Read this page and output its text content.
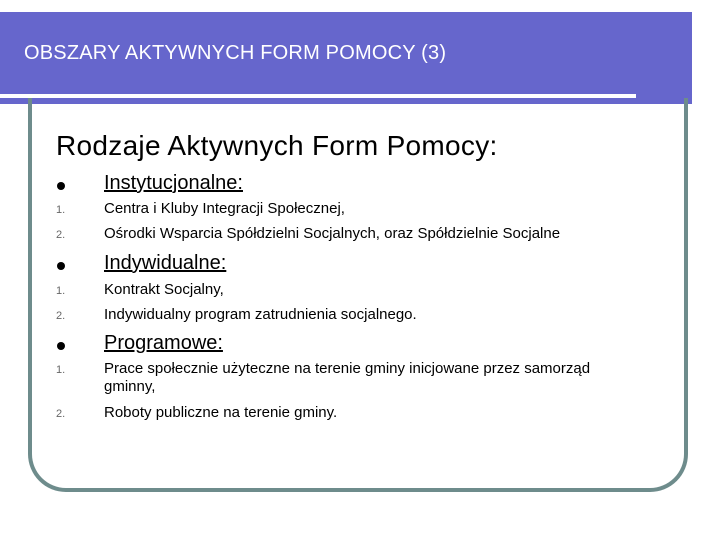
OBSZARY AKTYWNYCH FORM POMOCY (3)
Rodzaje Aktywnych Form Pomocy:
Instytucjonalne:
1.	Centra i Kluby Integracji Społecznej,
2.	Ośrodki Wsparcia Spółdzielni Socjalnych, oraz Spółdzielnie Socjalne
Indywidualne:
1.	Kontrakt Socjalny,
2.	Indywidualny program zatrudnienia socjalnego.
Programowe:
1.	Prace społecznie użyteczne na terenie gminy inicjowane przez samorząd gminny,
2.	Roboty publiczne na terenie gminy.
